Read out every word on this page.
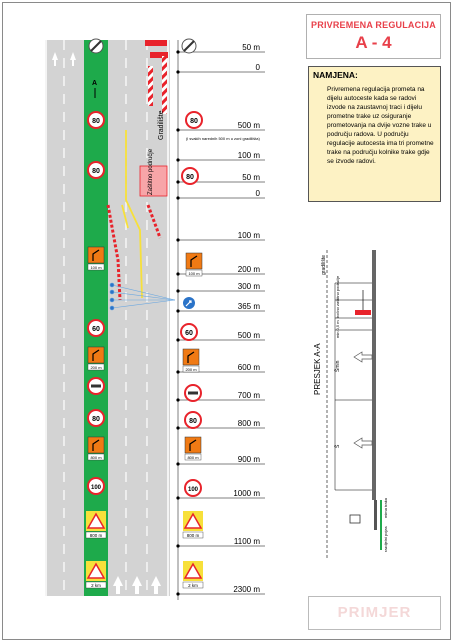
Gradilište
Zaštitno područje
A
50 m
0
500 m
100 m
50 m
0
100 m
200 m
300 m
365 m
500 m
600 m
700 m
800 m
900 m
1000 m
1100 m
2300 m
80
80
100 m
60
200 m
80
800 m
100
800 m
2 km
80
80
100 m
60
200 m
80
800 m
100
800 m
2 km
(i svakih narednih 500 m u zoni gradilišta)
PRESJEK A-A
gradilište
bočno zaštitno područje
min 0,5 m
Šmin
Š
mirna traka
razdjelni pojas
PRIVREMENA REGULACIJA
A - 4
NAMJENA:
Privremena regulacija prometa na dijelu autoceste kada se radovi izvode na zaustavnoj traci i dijelu prometne trake uz osiguranje prometovanja na dvije vozne trake u području radova. U području regulacije autocesta ima tri prometne trake na području kolnike trake gdje se izvode radovi.
PRIMJER
